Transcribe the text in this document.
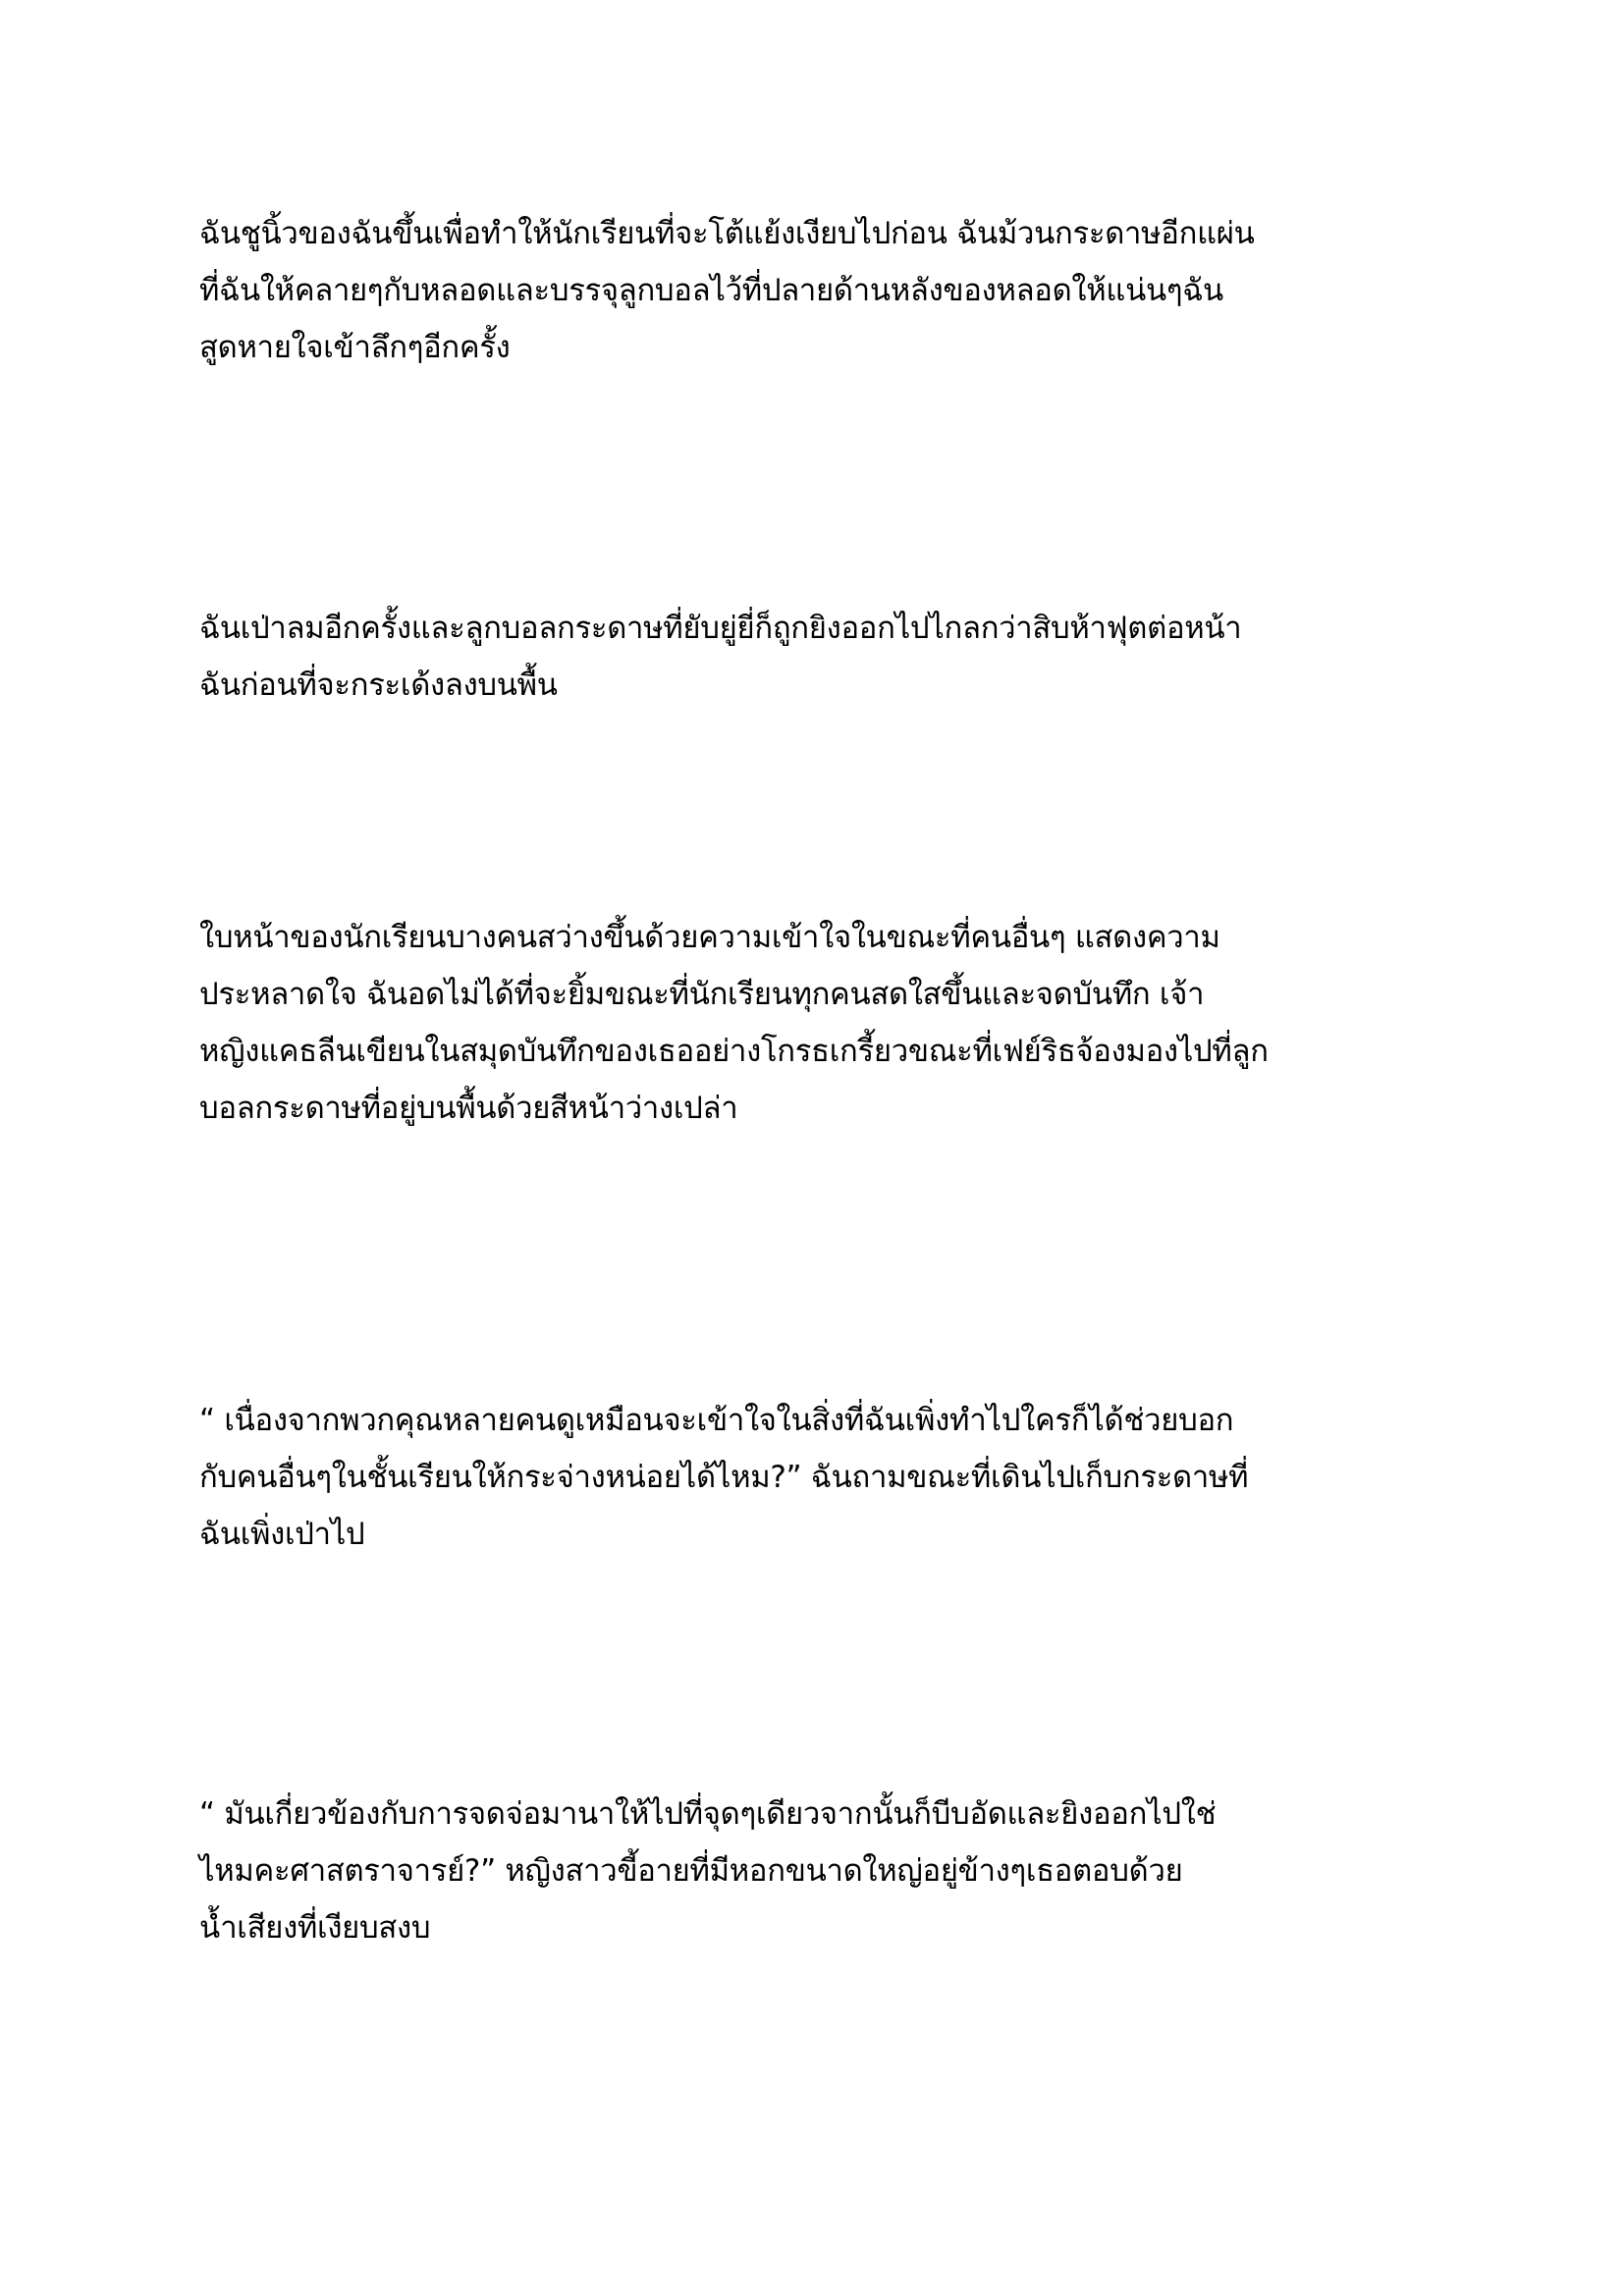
ฉันชูนิ้วของฉันขึ้นเพื่อทำให้นักเรียนที่จะโต้แย้งเงียบไปก่อน ฉันม้วนกระดาษอีกแผ่น
ที่ฉันให้คลายๆกับหลอดและบรรจุลูกบอลไว้ที่ปลายด้านหลังของหลอดให้แน่นๆฉัน
สูดหายใจเข้าลึกๆอีกครั้ง

ฉันเป่าลมอีกครั้งและลูกบอลกระดาษที่ยับยู่ยี่ก็ถูกยิงออกไปไกลกว่าสิบห้าฟุตต่อหน้า
ฉันก่อนที่จะกระเด้งลงบนพื้น

ใบหน้าของนักเรียนบางคนสว่างขึ้นด้วยความเข้าใจในขณะที่คนอื่นๆ แสดงความ
ประหลาดใจ ฉันอดไม่ได้ที่จะยิ้มขณะที่นักเรียนทุกคนสดใสขึ้นและจดบันทึก เจ้า
หญิงแคธลีนเขียนในสมุดบันทึกของเธออย่างโกรธเกรี้ยวขณะที่เฟย์ริธจ้องมองไปที่ลูก
บอลกระดาษที่อยู่บนพื้นด้วยสีหน้าว่างเปล่า

“ เนื่องจากพวกคุณหลายคนดูเหมือนจะเข้าใจในสิ่งที่ฉันเพิ่งทำไปใครก็ได้ช่วยบอก
กับคนอื่นๆในชั้นเรียนให้กระจ่างหน่อยได้ไหม?” ฉันถามขณะที่เดินไปเก็บกระดาษที่
ฉันเพิ่งเป่าไป

“ มันเกี่ยวข้องกับการจดจ่อมานาให้ไปที่จุดๆเดียวจากนั้นก็บีบอัดและยิงออกไปใช่
ไหมคะศาสตราจารย์?” หญิงสาวขี้อายที่มีหอกขนาดใหญ่อยู่ข้างๆเธอตอบด้วย
น้ำเสียงที่เงียบสงบ
